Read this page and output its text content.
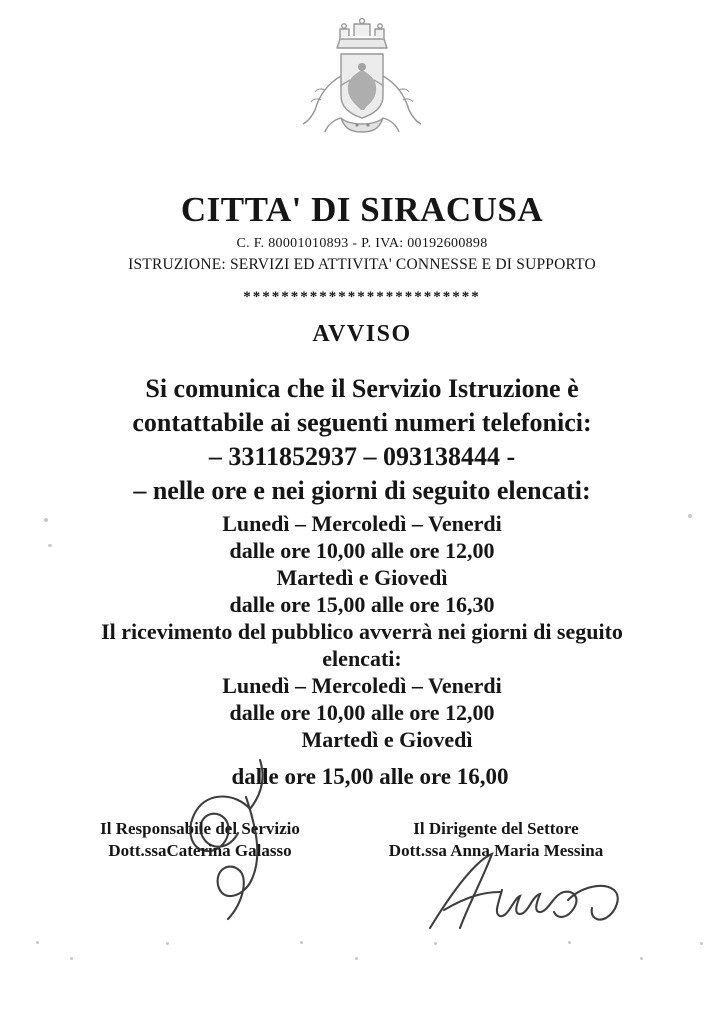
CITTA' DI SIRACUSA
C. F. 80001010893 - P. IVA: 00192600898
ISTRUZIONE: SERVIZI ED ATTIVITA' CONNESSE E DI SUPPORTO
*************************
AVVISO
Si comunica che il Servizio Istruzione è
contattabile ai seguenti numeri telefonici:
– 3311852937 – 093138444 -
– nelle ore e nei giorni di seguito elencati:
Lunedì – Mercoledì – Venerdi
dalle ore 10,00 alle ore 12,00
Martedì e Giovedì
dalle ore 15,00 alle ore 16,30
Il ricevimento del pubblico avverrà nei giorni di seguito
elencati:
Lunedì – Mercoledì – Venerdi
dalle ore 10,00 alle ore 12,00
Martedì e Giovedì
dalle ore 15,00 alle ore 16,00
Il Responsabile del Servizio
Dott.ssaCaterina Galasso
Il Dirigente del Settore
Dott.ssa Anna Maria Messina
